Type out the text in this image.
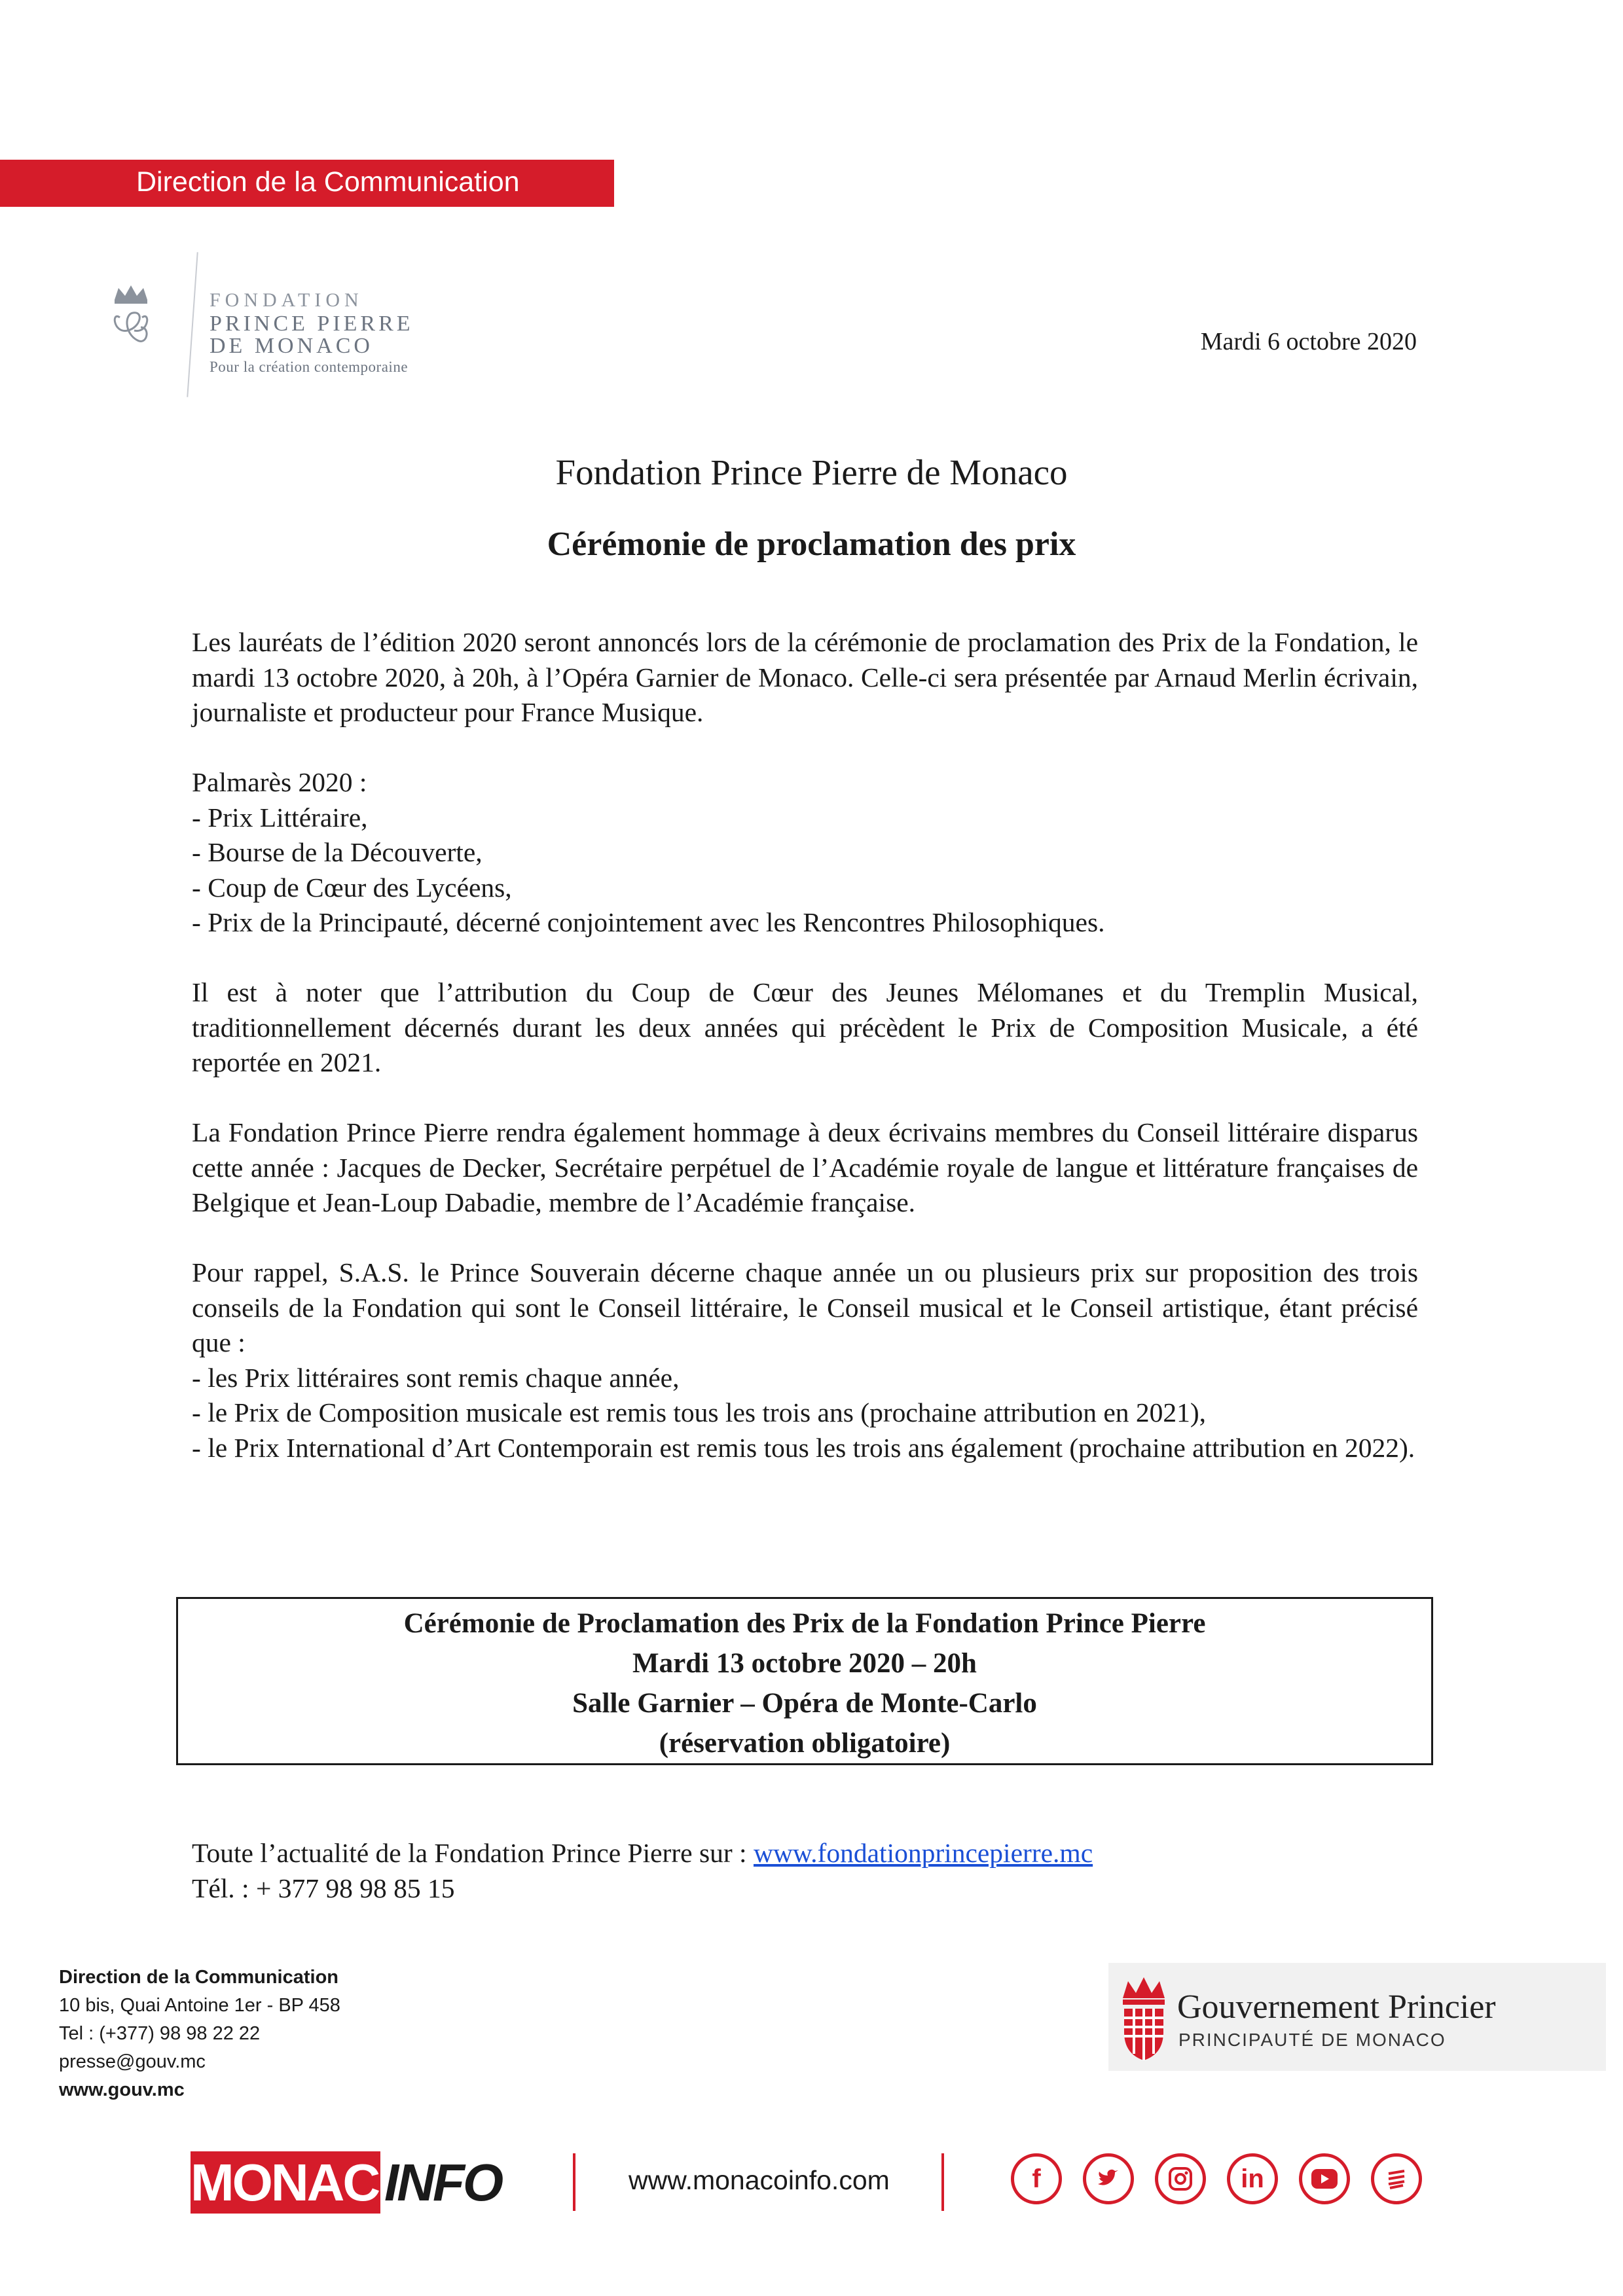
Direction de la Communication
FONDATION
PRINCE PIERRE
DE MONACO
Pour la création contemporaine
Mardi 6 octobre 2020
Fondation Prince Pierre de Monaco
Cérémonie de proclamation des prix

Les lauréats de l’édition 2020 seront annoncés lors de la cérémonie de proclamation des Prix de la Fondation, le mardi 13 octobre 2020, à 20h, à l’Opéra Garnier de Monaco. Celle-ci sera présentée par Arnaud Merlin écrivain, journaliste et producteur pour France Musique.

Palmarès 2020 :
- Prix Littéraire,
- Bourse de la Découverte,
- Coup de Cœur des Lycéens,
- Prix de la Principauté, décerné conjointement avec les Rencontres Philosophiques.

Il est à noter que l’attribution du Coup de Cœur des Jeunes Mélomanes et du Tremplin Musical, traditionnellement décernés durant les deux années qui précèdent le Prix de Composition Musicale, a été reportée en 2021.

La Fondation Prince Pierre rendra également hommage à deux écrivains membres du Conseil littéraire disparus cette année : Jacques de Decker, Secrétaire perpétuel de l’Académie royale de langue et littérature françaises de Belgique et Jean-Loup Dabadie, membre de l’Académie française.

Pour rappel, S.A.S. le Prince Souverain décerne chaque année un ou plusieurs prix sur proposition des trois conseils de la Fondation qui sont le Conseil littéraire, le Conseil musical et le Conseil artistique, étant précisé que :
- les Prix littéraires sont remis chaque année,
- le Prix de Composition musicale est remis tous les trois ans (prochaine attribution en 2021),
- le Prix International d’Art Contemporain est remis tous les trois ans également (prochaine attribution en 2022).

Cérémonie de Proclamation des Prix de la Fondation Prince Pierre
Mardi 13 octobre 2020 – 20h
Salle Garnier – Opéra de Monte-Carlo
(réservation obligatoire)
Toute l’actualité de la Fondation Prince Pierre sur : www.fondationprincepierre.mc
Tél. : + 377 98 98 85 15
Direction de la Communication
10 bis, Quai Antoine 1er - BP 458
Tel : (+377) 98 98 22 22
presse@gouv.mc
www.gouv.mc
Gouvernement Princier
PRINCIPAUTÉ DE MONACO
MONACO
INFO	www.monacoinfo.com	f	in
